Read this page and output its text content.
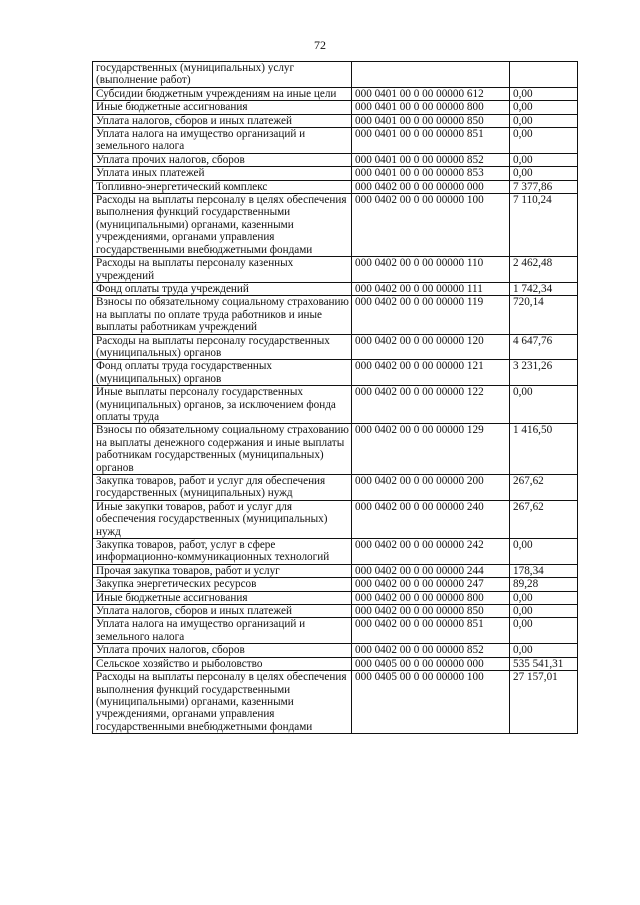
72
государственных (муниципальных) услуг (выполнение работ)		
Субсидии бюджетным учреждениям на иные цели	000 0401 00 0 00 00000 612	0,00
Иные бюджетные ассигнования	000 0401 00 0 00 00000 800	0,00
Уплата налогов, сборов и иных платежей	000 0401 00 0 00 00000 850	0,00
Уплата налога на имущество организаций и земельного налога	000 0401 00 0 00 00000 851	0,00
Уплата прочих налогов, сборов	000 0401 00 0 00 00000 852	0,00
Уплата иных платежей	000 0401 00 0 00 00000 853	0,00
Топливно-энергетический комплекс	000 0402 00 0 00 00000 000	7 377,86
Расходы на выплаты персоналу в целях обеспечения выполнения функций государственными (муниципальными) органами, казенными учреждениями, органами управления государственными внебюджетными фондами	000 0402 00 0 00 00000 100	7 110,24
Расходы на выплаты персоналу казенных учреждений	000 0402 00 0 00 00000 110	2 462,48
Фонд оплаты труда учреждений	000 0402 00 0 00 00000 111	1 742,34
Взносы по обязательному социальному страхованию на выплаты по оплате труда работников и иные выплаты работникам учреждений	000 0402 00 0 00 00000 119	720,14
Расходы на выплаты персоналу государственных (муниципальных) органов	000 0402 00 0 00 00000 120	4 647,76
Фонд оплаты труда государственных (муниципальных) органов	000 0402 00 0 00 00000 121	3 231,26
Иные выплаты персоналу государственных (муниципальных) органов, за исключением фонда оплаты труда	000 0402 00 0 00 00000 122	0,00
Взносы по обязательному социальному страхованию на выплаты денежного содержания и иные выплаты работникам государственных (муниципальных) органов	000 0402 00 0 00 00000 129	1 416,50
Закупка товаров, работ и услуг для обеспечения государственных (муниципальных) нужд	000 0402 00 0 00 00000 200	267,62
Иные закупки товаров, работ и услуг для обеспечения государственных (муниципальных) нужд	000 0402 00 0 00 00000 240	267,62
Закупка товаров, работ, услуг в сфере информационно-коммуникационных технологий	000 0402 00 0 00 00000 242	0,00
Прочая закупка товаров, работ и услуг	000 0402 00 0 00 00000 244	178,34
Закупка энергетических ресурсов	000 0402 00 0 00 00000 247	89,28
Иные бюджетные ассигнования	000 0402 00 0 00 00000 800	0,00
Уплата налогов, сборов и иных платежей	000 0402 00 0 00 00000 850	0,00
Уплата налога на имущество организаций и земельного налога	000 0402 00 0 00 00000 851	0,00
Уплата прочих налогов, сборов	000 0402 00 0 00 00000 852	0,00
Сельское хозяйство и рыболовство	000 0405 00 0 00 00000 000	535 541,31
Расходы на выплаты персоналу в целях обеспечения выполнения функций государственными (муниципальными) органами, казенными учреждениями, органами управления государственными внебюджетными фондами	000 0405 00 0 00 00000 100	27 157,01
